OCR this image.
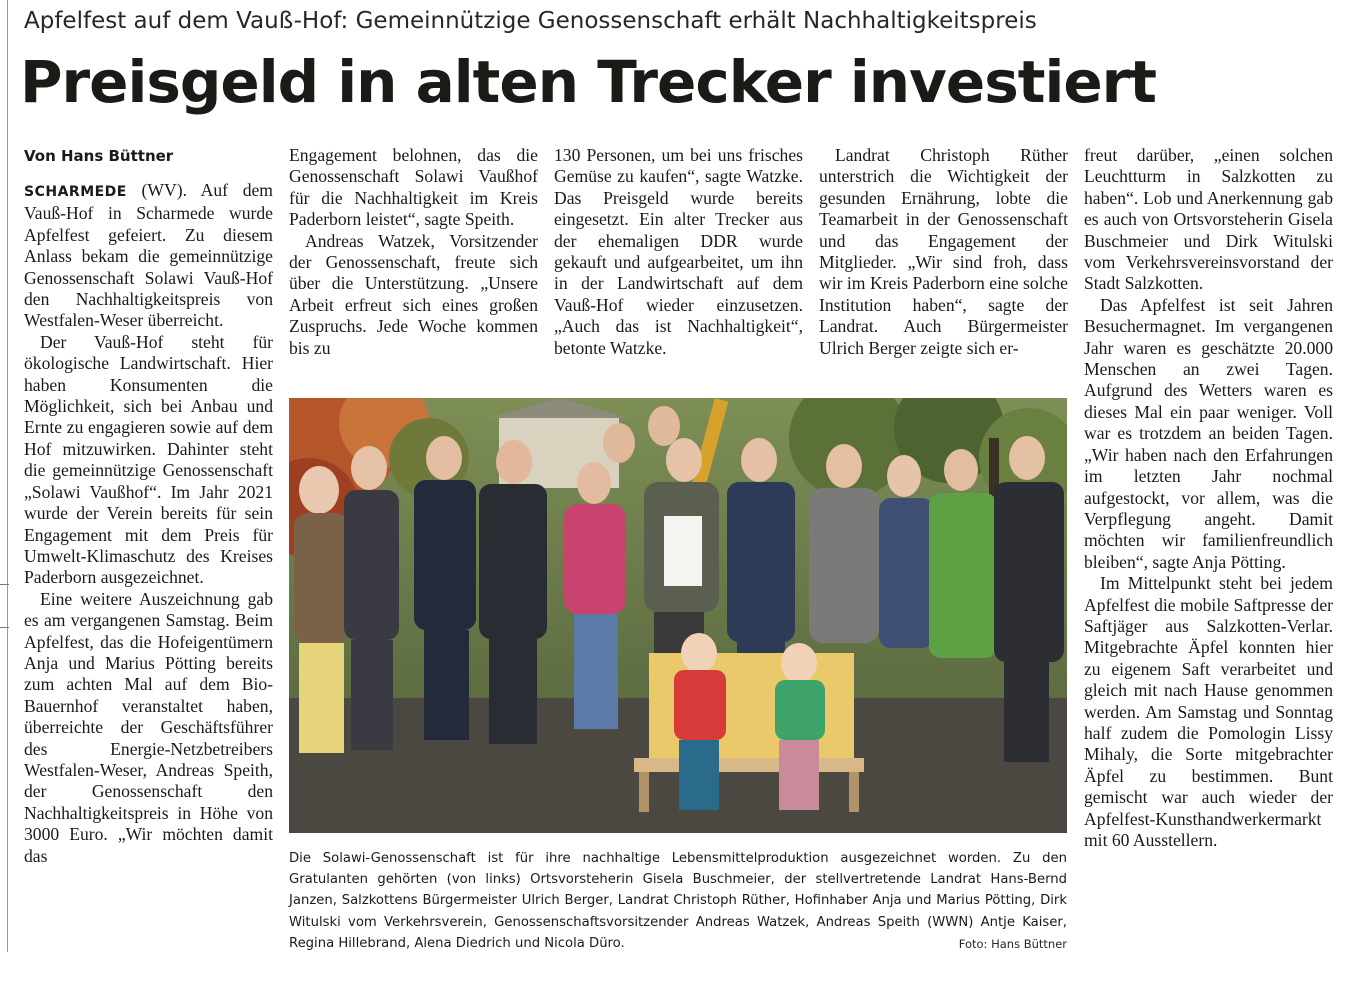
Apfelfest auf dem Vauß-Hof: Gemeinnützige Genossenschaft erhält Nachhaltigkeitspreis
Preisgeld in alten Trecker investiert
Von Hans Büttner

SCHARMEDE (WV). Auf dem Vauß-Hof in Scharmede wurde Apfelfest gefeiert. Zu diesem Anlass bekam die gemeinnützige Genossenschaft Solawi Vauß-Hof den Nachhaltigkeitspreis von Westfalen-Weser überreicht.

Der Vauß-Hof steht für ökologische Landwirtschaft. Hier haben Konsumenten die Möglichkeit, sich bei Anbau und Ernte zu engagieren sowie auf dem Hof mitzuwirken. Dahinter steht die gemeinnützige Genossenschaft „Solawi Vaußhof“. Im Jahr 2021 wurde der Verein bereits für sein Engagement mit dem Preis für Umwelt-Klimaschutz des Kreises Paderborn ausgezeichnet.

Eine weitere Auszeichnung gab es am vergangenen Samstag. Beim Apfelfest, das die Hofeigentümern Anja und Marius Pötting bereits zum achten Mal auf dem Bio-Bauernhof veranstaltet haben, überreichte der Geschäftsführer des Energie-Netzbetreibers Westfalen-Weser, Andreas Speith, der Genossenschaft den Nachhaltigkeitspreis in Höhe von 3000 Euro. „Wir möchten damit das

Engagement belohnen, das die Genossenschaft Solawi Vaußhof für die Nachhaltigkeit im Kreis Paderborn leistet“, sagte Speith.

Andreas Watzek, Vorsitzender der Genossenschaft, freute sich über die Unterstützung. „Unsere Arbeit erfreut sich eines großen Zuspruchs. Jede Woche kommen bis zu

130 Personen, um bei uns frisches Gemüse zu kaufen“, sagte Watzke. Das Preisgeld wurde bereits eingesetzt. Ein alter Trecker aus der ehemaligen DDR wurde gekauft und aufgearbeitet, um ihn in der Landwirtschaft auf dem Vauß-Hof wieder einzusetzen. „Auch das ist Nachhaltigkeit“, betonte Watzke.

Landrat Christoph Rüther unterstrich die Wichtigkeit der gesunden Ernährung, lobte die Teamarbeit in der Genossenschaft und das Engagement der Mitglieder. „Wir sind froh, dass wir im Kreis Paderborn eine solche Institution haben“, sagte der Landrat. Auch Bürgermeister Ulrich Berger zeigte sich er-

freut darüber, „einen solchen Leuchtturm in Salzkotten zu haben“. Lob und Anerkennung gab es auch von Ortsvorsteherin Gisela Buschmeier und Dirk Witulski vom Verkehrsvereinsvorstand der Stadt Salzkotten.

Das Apfelfest ist seit Jahren Besuchermagnet. Im vergangenen Jahr waren es geschätzte 20.000 Menschen an zwei Tagen. Aufgrund des Wetters waren es dieses Mal ein paar weniger. Voll war es trotzdem an beiden Tagen. „Wir haben nach den Erfahrungen im letzten Jahr nochmal aufgestockt, vor allem, was die Verpflegung angeht. Damit möchten wir familienfreundlich bleiben“, sagte Anja Pötting.

Im Mittelpunkt steht bei jedem Apfelfest die mobile Saftpresse der Saftjäger aus Salzkotten-Verlar. Mitgebrachte Äpfel konnten hier zu eigenem Saft verarbeitet und gleich mit nach Hause genommen werden. Am Samstag und Sonntag half zudem die Pomologin Lissy Mihaly, die Sorte mitgebrachter Äpfel zu bestimmen. Bunt gemischt war auch wieder der Apfelfest-Kunsthandwerkermarkt mit 60 Ausstellern.

Die Solawi-Genossenschaft ist für ihre nachhaltige Lebensmittelproduktion ausgezeichnet worden. Zu den Gratulanten gehörten (von links) Ortsvorsteherin Gisela Buschmeier, der stellvertretende Landrat Hans-Bernd Janzen, Salzkottens Bürgermeister Ulrich Berger, Landrat Christoph Rüther, Hofinhaber Anja und Marius Pötting, Dirk Witulski vom Verkehrsverein, Genossenschaftsvorsitzender Andreas Watzek, Andreas Speith (WWN) Antje Kaiser, Regina Hillebrand, Alena Diedrich und Nicola Düro.	Foto: Hans Büttner
